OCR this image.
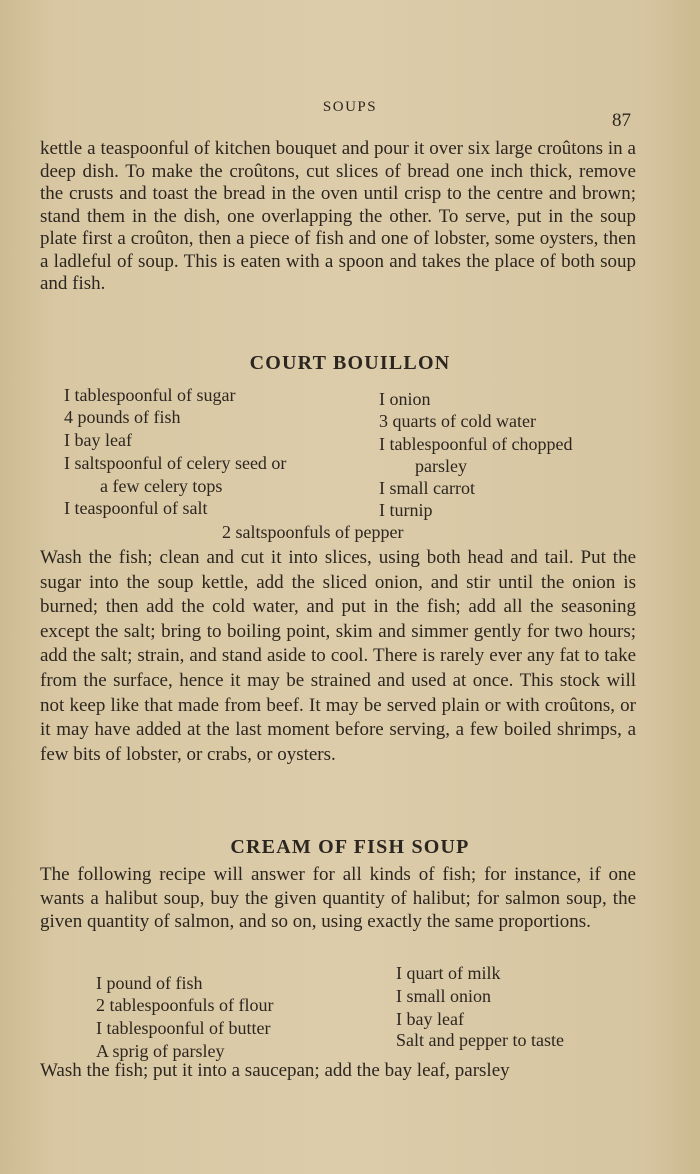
SOUPS
87

kettle a teaspoonful of kitchen bouquet and pour it over six large croûtons in a deep dish. To make the croûtons, cut slices of bread one inch thick, remove the crusts and toast the bread in the oven until crisp to the centre and brown; stand them in the dish, one overlapping the other. To serve, put in the soup plate first a croûton, then a piece of fish and one of lobster, some oysters, then a ladleful of soup. This is eaten with a spoon and takes the place of both soup and fish.

COURT BOUILLON
I tablespoonful of sugar
4 pounds of fish
I bay leaf
I saltspoonful of celery seed or
a few celery tops
I teaspoonful of salt
I onion
3 quarts of cold water
I tablespoonful of chopped
parsley
I small carrot
I turnip
2 saltspoonfuls of pepper

Wash the fish; clean and cut it into slices, using both head and tail. Put the sugar into the soup kettle, add the sliced onion, and stir until the onion is burned; then add the cold water, and put in the fish; add all the seasoning except the salt; bring to boiling point, skim and simmer gently for two hours; add the salt; strain, and stand aside to cool. There is rarely ever any fat to take from the surface, hence it may be strained and used at once. This stock will not keep like that made from beef. It may be served plain or with croûtons, or it may have added at the last moment before serving, a few boiled shrimps, a few bits of lobster, or crabs, or oysters.

CREAM OF FISH SOUP

The following recipe will answer for all kinds of fish; for instance, if one wants a halibut soup, buy the given quantity of halibut; for salmon soup, the given quantity of salmon, and so on, using exactly the same proportions.

I pound of fish
2 tablespoonfuls of flour
I tablespoonful of butter
A sprig of parsley
I quart of milk
I small onion
I bay leaf
Salt and pepper to taste

Wash the fish; put it into a saucepan; add the bay leaf, parsley
